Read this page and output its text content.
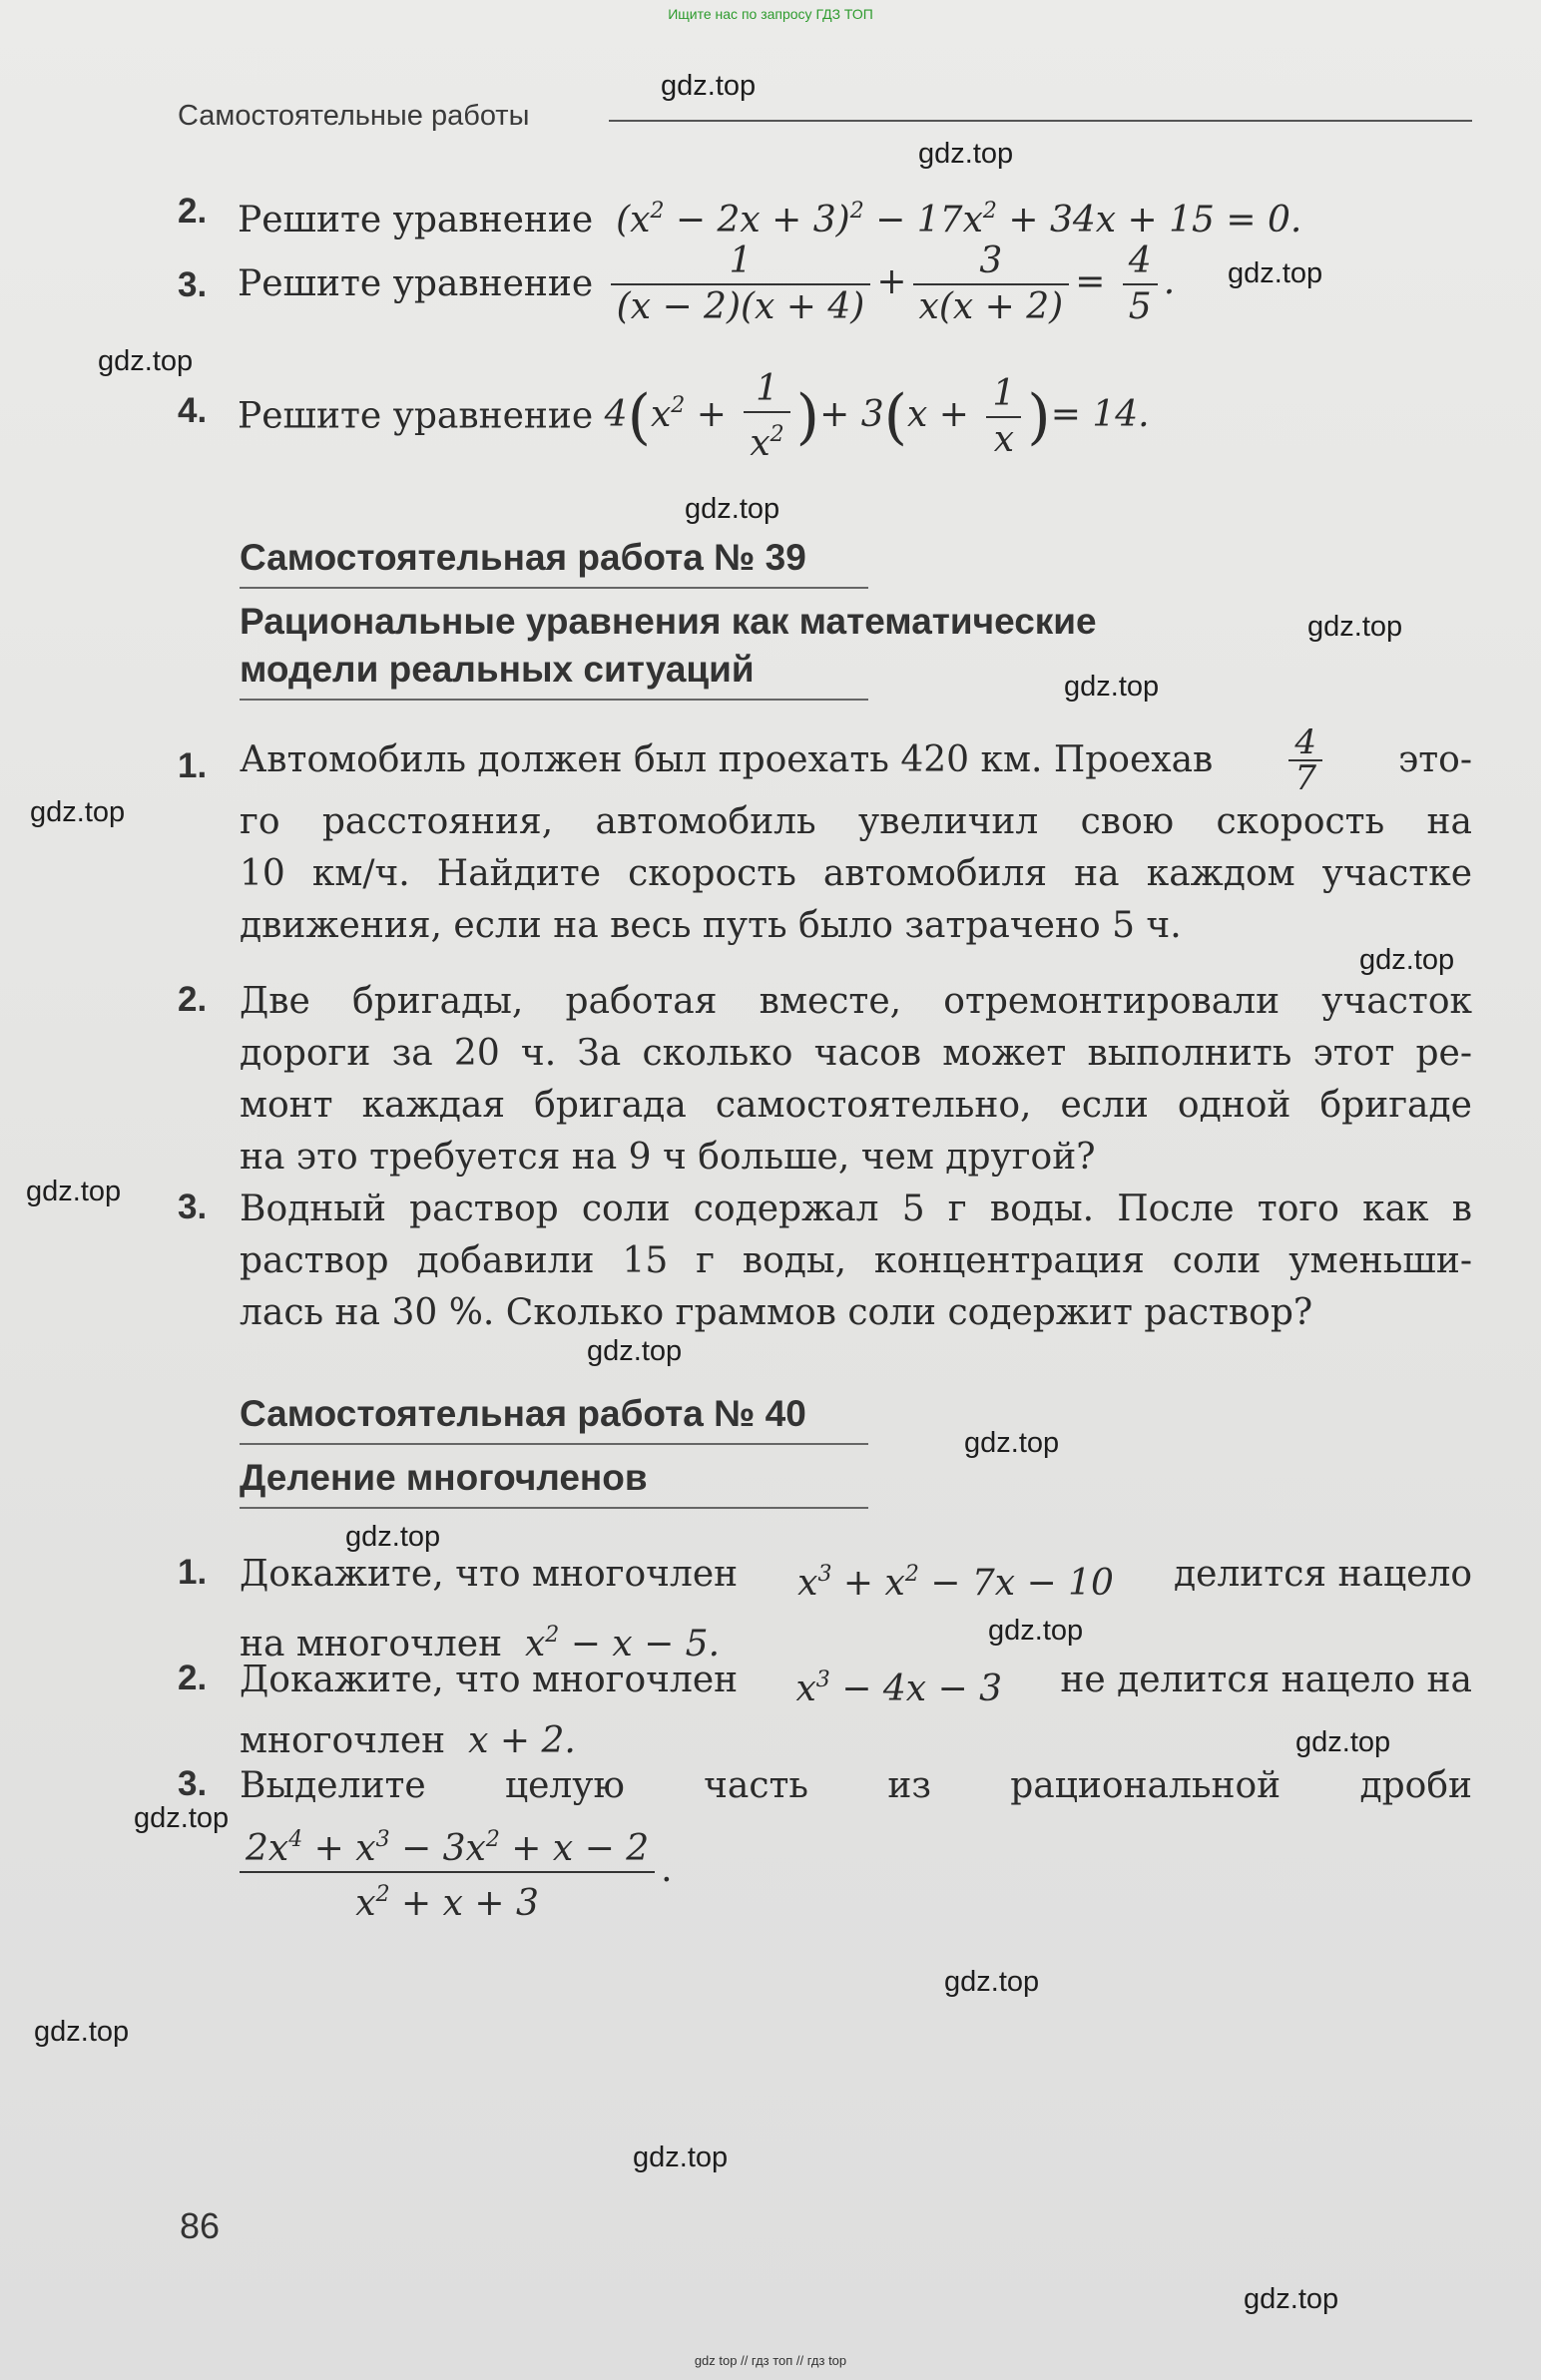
Ищите нас по запросу ГДЗ ТОП
Самостоятельные работы
2. Решите уравнение  $(x^2 - 2x + 3)^2 - 17x^2 + 34x + 15 = 0$.
3. Решите уравнение $\frac{1}{(x - 2)(x + 4)} + \frac{3}{x(x + 2)} = \frac{4}{5}$ .
4. Решите уравнение $4(x^2 + \frac{1}{x^2}$ )+ $3(x + \frac{1}{x}$ )= 14.
Самостоятельная работа № 39
Рациональные уравнения как математические
модели реальных ситуаций
1. Автомобиль должен был проехать 420 км. Проехав $\frac{4}{7} это-$
го расстояния, автомобиль увеличил свою скорость на
10 км/ч. Найдите скорость автомобиля на каждом участке
движения, если на весь путь было затрачено 5 ч.
2. Две бригады, работая вместе, отремонтировали участок
дороги за 20 ч. За сколько часов может выполнить этот ре-
монт каждая бригада самостоятельно, если одной бригаде
на это требуется на 9 ч больше, чем другой?
3. Водный раствор соли содержал 5 г воды. После того как в
раствор добавили 15 г воды, концентрация соли уменьши-
лась на 30 %. Сколько граммов соли содержит раствор?
Самостоятельная работа № 40
Деление многочленов
1. Докажите, что многочлен $x^3 + x^2 - 7x - 10$ делится нацело
на многочлен  $x^2 - x - 5$.
2. Докажите, что многочлен $x^3 - 4x - 3$ не делится нацело на
многочлен  x + 2.
3. Выделите целую часть из рациональной дроби
$\frac{2x^4 + x^3 - 3x^2 + x - 2}{x^2 + x + 3}$ .
gdz.top
gdz.top
gdz.top
gdz.top
gdz.top
gdz.top
gdz.top
gdz.top
gdz.top
gdz.top
gdz.top
gdz.top
gdz.top
gdz.top
gdz.top
gdz.top
gdz.top
gdz.top
gdz.top
gdz.top
86
gdz top // гдз топ // гдз top
